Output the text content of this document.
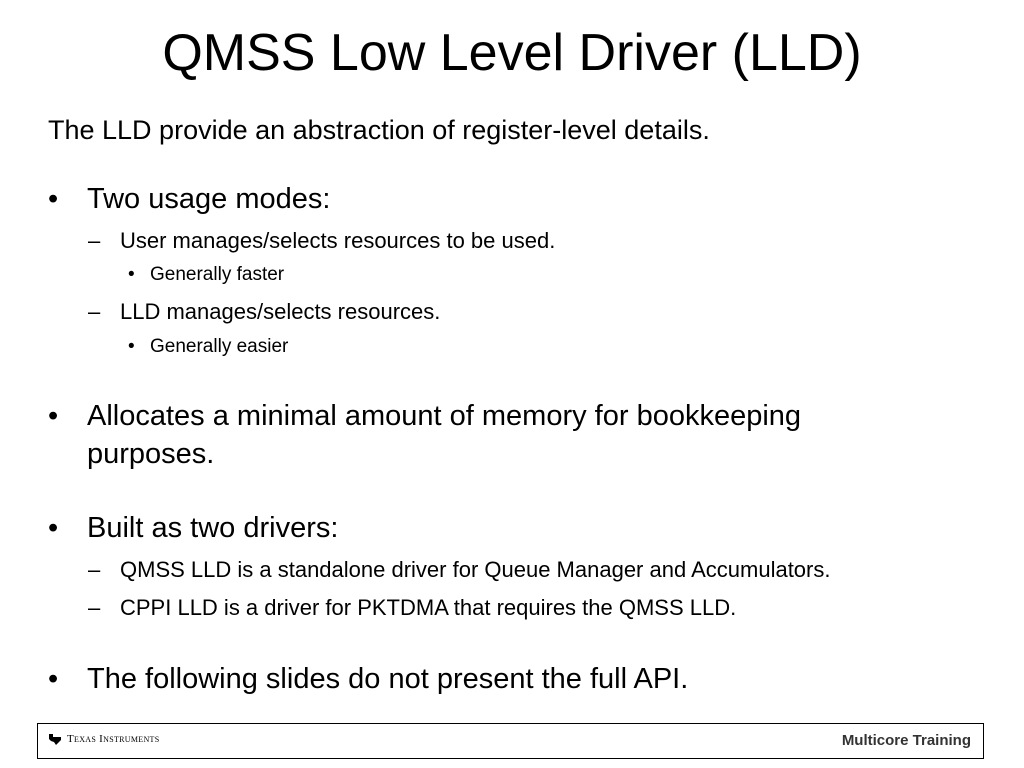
QMSS Low Level Driver (LLD)
The LLD provide an abstraction of register-level details.
• Two usage modes:
– User manages/selects resources to be used.
• Generally faster
– LLD manages/selects resources.
• Generally easier
• Allocates a minimal amount of memory for bookkeeping purposes.
• Built as two drivers:
– QMSS LLD is a standalone driver for Queue Manager and Accumulators.
– CPPI LLD is a driver for PKTDMA that requires the QMSS LLD.
• The following slides do not present the full API.
Texas Instruments	Multicore Training
